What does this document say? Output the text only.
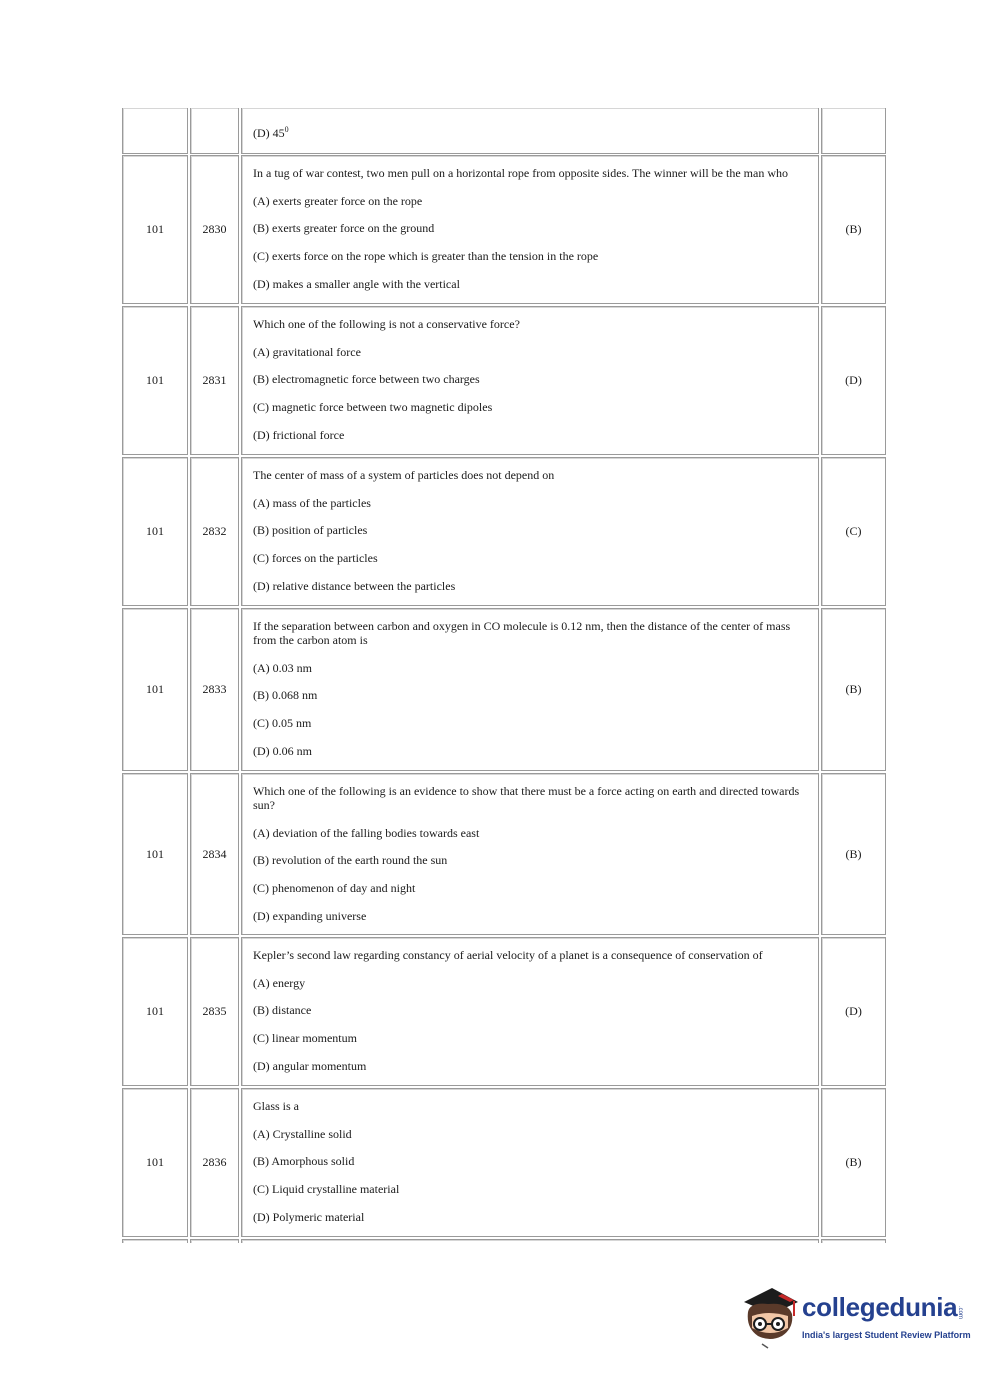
(D) $45^0$
101	2830
In a tug of war contest, two men pull on a horizontal rope from opposite sides. The winner will be the man who
(A) exerts greater force on the rope
(B) exerts greater force on the ground
(C) exerts force on the rope which is greater than the tension in the rope
(D) makes a smaller angle with the vertical
(B)
101	2831
Which one of the following is not a conservative force?
(A) gravitational force
(B) electromagnetic force between two charges
(C) magnetic force between two magnetic dipoles
(D) frictional force
(D)
101	2832
The center of mass of a system of particles does not depend on
(A) mass of the particles
(B) position of particles
(C) forces on the particles
(D) relative distance between the particles
(C)
101	2833
If the separation between carbon and oxygen in CO molecule is 0.12 nm, then the distance of the center of mass from the carbon atom is
(A) 0.03 nm
(B) 0.068 nm
(C) 0.05 nm
(D) 0.06 nm
(B)
101	2834
Which one of the following is an evidence to show that there must be a force acting on earth and directed towards sun?
(A) deviation of the falling bodies towards east
(B) revolution of the earth round the sun
(C) phenomenon of day and night
(D) expanding universe
(B)
101	2835
Kepler’s second law regarding constancy of aerial velocity of a planet is a consequence of conservation of
(A) energy
(B) distance
(C) linear momentum
(D) angular momentum
(D)
101	2836
Glass is a
(A) Crystalline solid
(B) Amorphous solid
(C) Liquid crystalline material
(D) Polymeric material
(B)
collegedunia .com
India's largest Student Review Platform
